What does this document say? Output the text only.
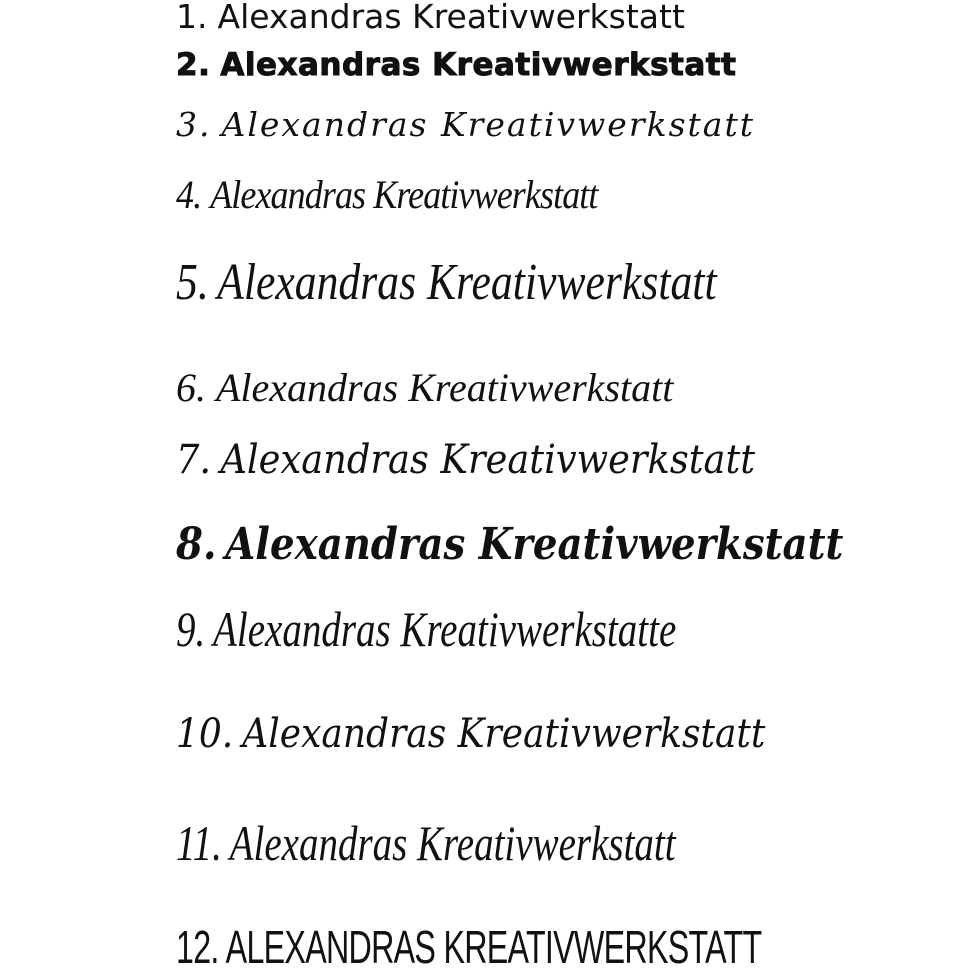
1. Alexandras Kreativwerkstatt
2. Alexandras Kreativwerkstatt
3. Alexandras Kreativwerkstatt
4. Alexandras Kreativwerkstatt
5. Alexandras Kreativwerkstatt
6. Alexandras Kreativwerkstatt
7. Alexandras Kreativwerkstatt
8. Alexandras Kreativwerkstatt
9. Alexandras Kreativwerkstatte
10. Alexandras Kreativwerkstatt
11. Alexandras Kreativwerkstatt
12. ALEXANDRAS KREATIVWERKSTATT
